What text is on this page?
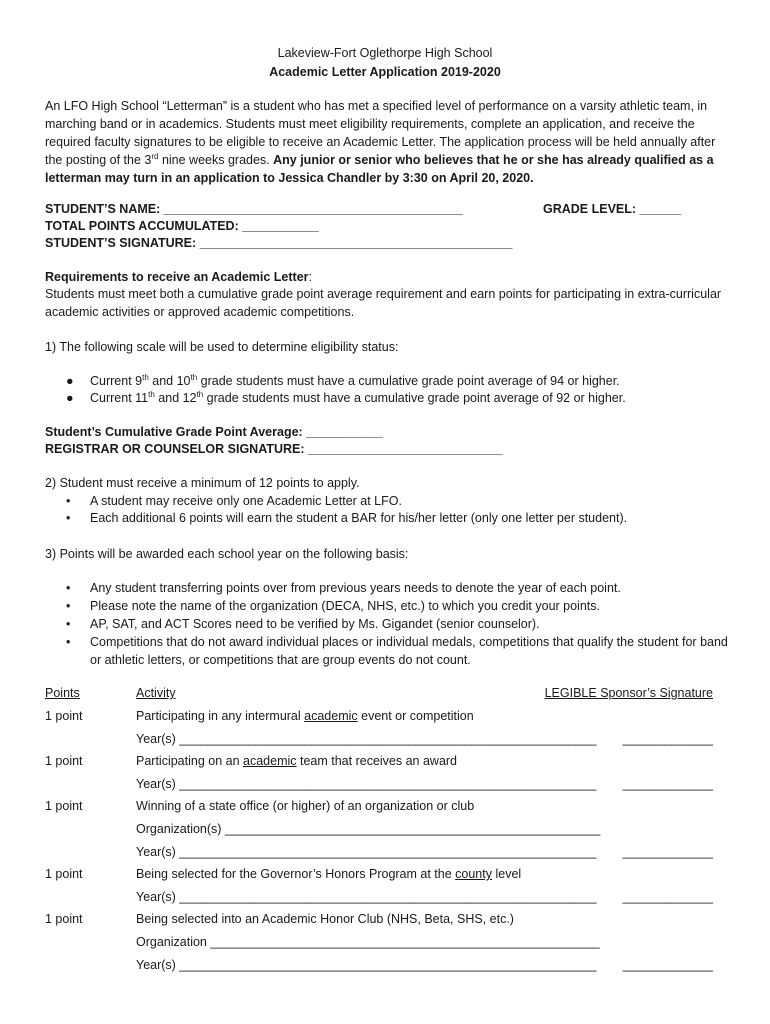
Lakeview-Fort Oglethorpe High School
Academic Letter Application 2019-2020
An LFO High School “Letterman” is a student who has met a specified level of performance on a varsity athletic team, in marching band or in academics. Students must meet eligibility requirements, complete an application, and receive the required faculty signatures to be eligible to receive an Academic Letter. The application process will be held annually after the posting of the 3rd nine weeks grades. Any junior or senior who believes that he or she has already qualified as a letterman may turn in an application to Jessica Chandler by 3:30 on April 20, 2020.
STUDENT’S NAME: ___________________________________________	GRADE LEVEL: ______
TOTAL POINTS ACCUMULATED: ___________
STUDENT’S SIGNATURE: _____________________________________________
Requirements to receive an Academic Letter:
Students must meet both a cumulative grade point average requirement and earn points for participating in extra-curricular academic activities or approved academic competitions.
1) The following scale will be used to determine eligibility status:
●	Current 9th and 10th grade students must have a cumulative grade point average of 94 or higher.
●	Current 11th and 12th grade students must have a cumulative grade point average of 92 or higher.
Student’s Cumulative Grade Point Average: ___________
REGISTRAR OR COUNSELOR SIGNATURE: ____________________________
2) Student must receive a minimum of 12 points to apply.
•	A student may receive only one Academic Letter at LFO.
•	Each additional 6 points will earn the student a BAR for his/her letter (only one letter per student).
3) Points will be awarded each school year on the following basis:
•	Any student transferring points over from previous years needs to denote the year of each point.
•	Please note the name of the organization (DECA, NHS, etc.) to which you credit your points.
•	AP, SAT, and ACT Scores need to be verified by Ms. Gigandet (senior counselor).
•	Competitions that do not award individual places or individual medals, competitions that qualify the student for band or athletic letters, or competitions that are group events do not count.
Points	Activity	LEGIBLE Sponsor’s Signature
1 point	Participating in any intermural academic event or competition
Year(s) ____________________________________________________________	_____________
1 point	Participating on an academic team that receives an award
Year(s) ____________________________________________________________	_____________
1 point	Winning of a state office (or higher) of an organization or club
Organization(s) ______________________________________________________
Year(s) ____________________________________________________________	_____________
1 point	Being selected for the Governor’s Honors Program at the county level
Year(s) ____________________________________________________________	_____________
1 point	Being selected into an Academic Honor Club (NHS, Beta, SHS, etc.)
Organization ________________________________________________________
Year(s) ____________________________________________________________	_____________
